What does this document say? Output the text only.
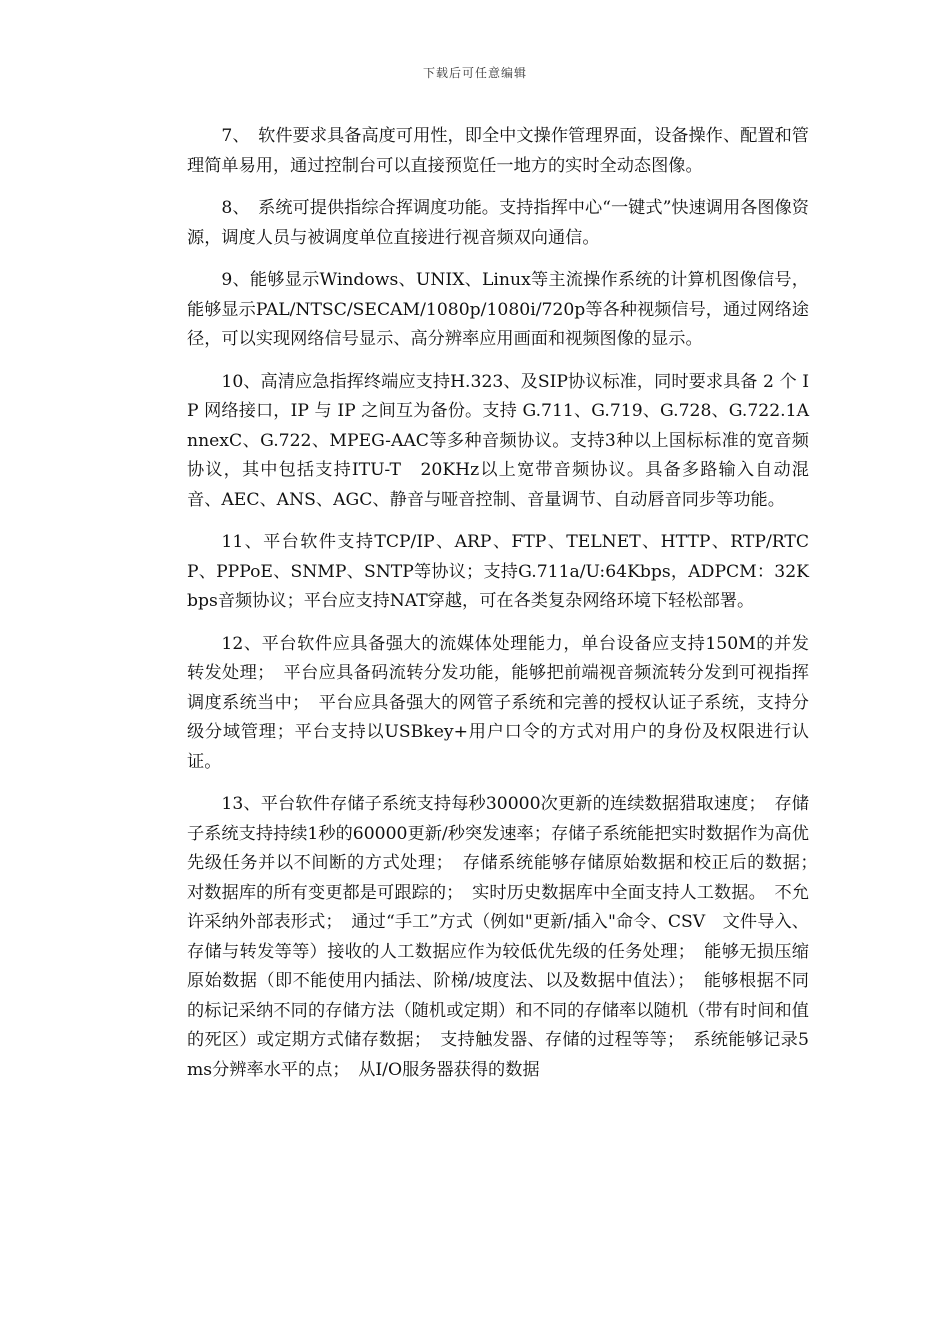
下载后可任意编辑

7、　软件要求具备高度可用性，即全中文操作管理界面，设备操作、配置和管理简单易用，通过控制台可以直接预览任一地方的实时全动态图像。

8、　系统可提供指综合挥调度功能。支持指挥中心“一键式”快速调用各图像资源，调度人员与被调度单位直接进行视音频双向通信。

9、能够显示Windows、UNIX、Linux等主流操作系统的计算机图像信号，能够显示PAL/NTSC/SECAM/1080p/1080i/720p等各种视频信号，通过网络途径，可以实现网络信号显示、高分辨率应用画面和视频图像的显示。

10、高清应急指挥终端应支持H.323、及SIP协议标准，同时要求具备 2 个 IP 网络接口，IP 与 IP 之间互为备份。支持 G.711、G.719、G.728、G.722.1AnnexC、G.722、MPEG-AAC等多种音频协议。支持3种以上国标标准的宽音频协议，其中包括支持ITU-T　20KHz以上宽带音频协议。具备多路输入自动混音、AEC、ANS、AGC、静音与哑音控制、音量调节、自动唇音同步等功能。

11、平台软件支持TCP/IP、ARP、FTP、TELNET、HTTP、RTP/RTCP、PPPoE、SNMP、SNTP等协议；支持G.711a/U:64Kbps，ADPCM：32Kbps音频协议；平台应支持NAT穿越，可在各类复杂网络环境下轻松部署。

12、平台软件应具备强大的流媒体处理能力，单台设备应支持150M的并发转发处理；　平台应具备码流转分发功能，能够把前端视音频流转分发到可视指挥调度系统当中；　平台应具备强大的网管子系统和完善的授权认证子系统，支持分级分域管理；平台支持以USBkey+用户口令的方式对用户的身份及权限进行认证。

13、平台软件存储子系统支持每秒30000次更新的连续数据猎取速度；　存储子系统支持持续1秒的60000更新/秒突发速率；存储子系统能把实时数据作为高优先级任务并以不间断的方式处理；　存储系统能够存储原始数据和校正后的数据；　对数据库的所有变更都是可跟踪的；　实时历史数据库中全面支持人工数据。　不允许采纳外部表形式；　通过“手工”方式（例如"更新/插入"命令、CSV　文件导入、存储与转发等等）接收的人工数据应作为较低优先级的任务处理；　能够无损压缩原始数据（即不能使用内插法、阶梯/坡度法、以及数据中值法）；　能够根据不同的标记采纳不同的存储方法（随机或定期）和不同的存储率以随机（带有时间和值的死区）或定期方式储存数据；　支持触发器、存储的过程等等；　系统能够记录5ms分辨率水平的点；　从I/O服务器获得的数据
